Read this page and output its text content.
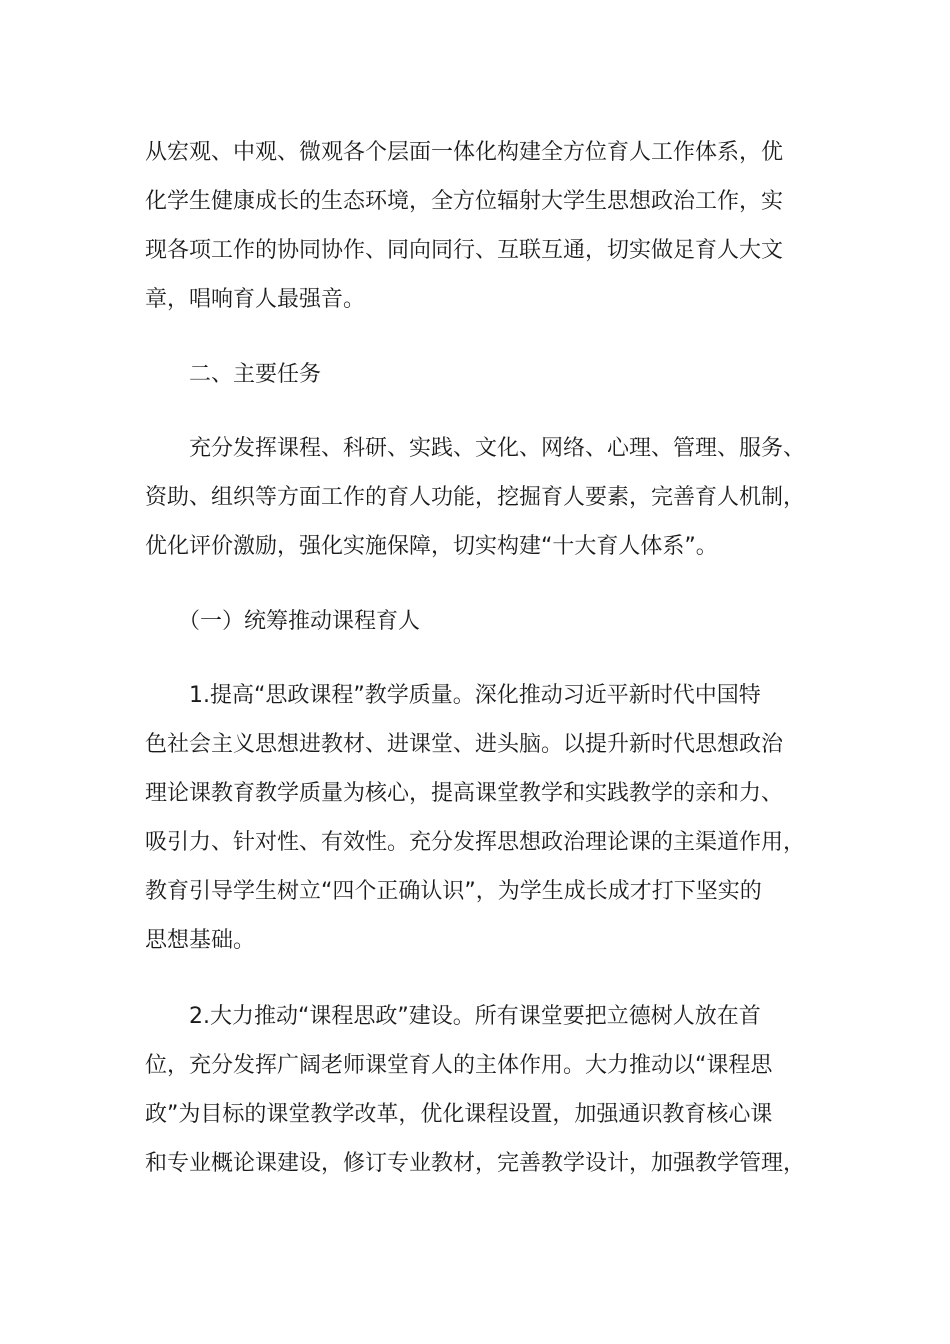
从宏观、中观、微观各个层面一体化构建全方位育人工作体系，优
化学生健康成长的生态环境，全方位辐射大学生思想政治工作，实
现各项工作的协同协作、同向同行、互联互通，切实做足育人大文
章，唱响育人最强音。
　　二、主要任务
　　充分发挥课程、科研、实践、文化、网络、心理、管理、服务、
资助、组织等方面工作的育人功能，挖掘育人要素，完善育人机制，
优化评价激励，强化实施保障，切实构建“十大育人体系”。
　　（一）统筹推动课程育人
　　1.提高“思政课程”教学质量。深化推动习近平新时代中国特
色社会主义思想进教材、进课堂、进头脑。以提升新时代思想政治
理论课教育教学质量为核心，提高课堂教学和实践教学的亲和力、
吸引力、针对性、有效性。充分发挥思想政治理论课的主渠道作用，
教育引导学生树立“四个正确认识”，为学生成长成才打下坚实的
思想基础。
　　2.大力推动“课程思政”建设。所有课堂要把立德树人放在首
位，充分发挥广阔老师课堂育人的主体作用。大力推动以“课程思
政”为目标的课堂教学改革，优化课程设置，加强通识教育核心课
和专业概论课建设，修订专业教材，完善教学设计，加强教学管理，
